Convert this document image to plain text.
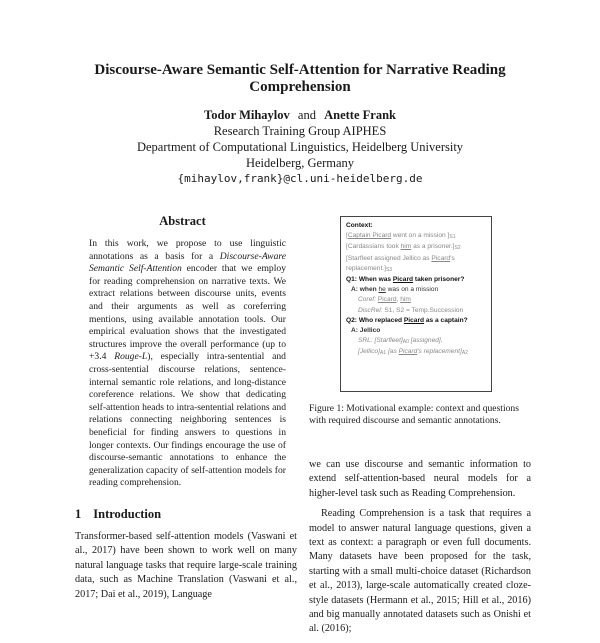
Discourse-Aware Semantic Self-Attention for Narrative Reading
Comprehension
Todor Mihaylov and Anette Frank
Research Training Group AIPHES
Department of Computational Linguistics, Heidelberg University
Heidelberg, Germany
{mihaylov,frank}@cl.uni-heidelberg.de
Abstract
In this work, we propose to use linguistic annotations as a basis for a Discourse-Aware Semantic Self-Attention encoder that we employ for reading comprehension on narrative texts. We extract relations between discourse units, events and their arguments as well as coreferring mentions, using available annotation tools. Our empirical evaluation shows that the investigated structures improve the overall performance (up to +3.4 Rouge-L), especially intra-sentential and cross-sentential discourse relations, sentence-internal semantic role relations, and long-distance coreference relations. We show that dedicating self-attention heads to intra-sentential relations and relations connecting neighboring sentences is beneficial for finding answers to questions in longer contexts. Our findings encourage the use of discourse-semantic annotations to enhance the generalization capacity of self-attention models for reading comprehension.
1 Introduction
Transformer-based self-attention models (Vaswani et al., 2017) have been shown to work well on many natural language tasks that require large-scale training data, such as Machine Translation (Vaswani et al., 2017; Dai et al., 2019), Language
Context:
[Captain Picard went on a mission ]$_{S1}$
[Cardassians took him as a $prisoner.]_{S2}$
[Starfleet assigned Jellico as Picard's
$replacement.]_{S3}$
Q1: When was Picard taken prisoner?
A: when he was on a mission
Coref: Picard, him
DiscRel: S1, S2 = Temp.Succession
Q2: Who replaced Picard as a captain?
A: Jellico
SRL: $[Starfleet]_{A0}$ [assigned],
$[Jellico]_{A1}$ [as Picard's $replacement]_{A2}$
Figure 1: Motivational example: context and questions with required discourse and semantic annotations.

we can use discourse and semantic information to extend self-attention-based neural models for a higher-level task such as Reading Comprehension.

Reading Comprehension is a task that requires a model to answer natural language questions, given a text as context: a paragraph or even full documents. Many datasets have been proposed for the task, starting with a small multi-choice dataset (Richardson et al., 2013), large-scale automatically created cloze-style datasets (Hermann et al., 2015; Hill et al., 2016) and big manually annotated datasets such as Onishi et al. (2016);
